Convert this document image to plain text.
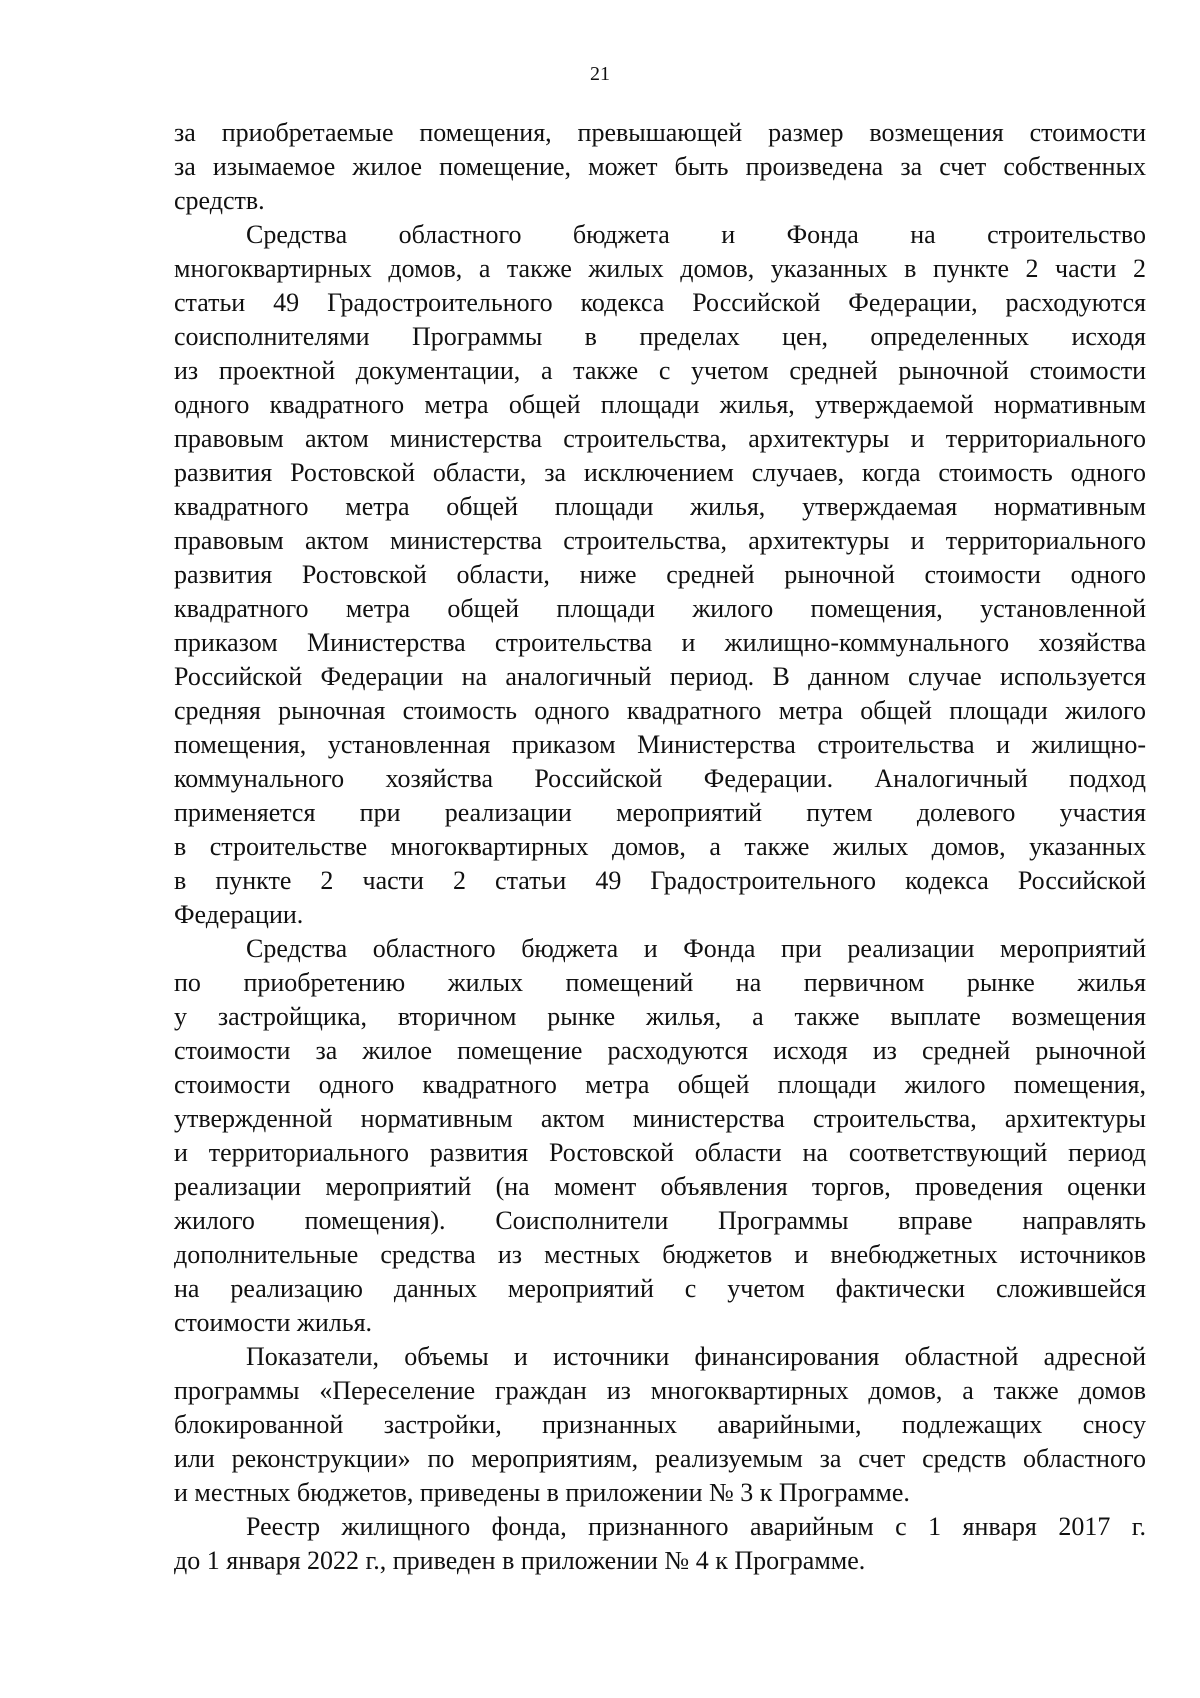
21
за приобретаемые помещения, превышающей размер возмещения стоимости
за изымаемое жилое помещение, может быть произведена за счет собственных
средств.
Средства областного бюджета и Фонда на строительство
многоквартирных домов, а также жилых домов, указанных в пункте 2 части 2
статьи 49 Градостроительного кодекса Российской Федерации, расходуются
соисполнителями Программы в пределах цен, определенных исходя
из проектной документации, а также с учетом средней рыночной стоимости
одного квадратного метра общей площади жилья, утверждаемой нормативным
правовым актом министерства строительства, архитектуры и территориального
развития Ростовской области, за исключением случаев, когда стоимость одного
квадратного метра общей площади жилья, утверждаемая нормативным
правовым актом министерства строительства, архитектуры и территориального
развития Ростовской области, ниже средней рыночной стоимости одного
квадратного метра общей площади жилого помещения, установленной
приказом Министерства строительства и жилищно-коммунального хозяйства
Российской Федерации на аналогичный период. В данном случае используется
средняя рыночная стоимость одного квадратного метра общей площади жилого
помещения, установленная приказом Министерства строительства и жилищно-
коммунального хозяйства Российской Федерации. Аналогичный подход
применяется при реализации мероприятий путем долевого участия
в строительстве многоквартирных домов, а также жилых домов, указанных
в пункте 2 части 2 статьи 49 Градостроительного кодекса Российской
Федерации.
Средства областного бюджета и Фонда при реализации мероприятий
по приобретению жилых помещений на первичном рынке жилья
у застройщика, вторичном рынке жилья, а также выплате возмещения
стоимости за жилое помещение расходуются исходя из средней рыночной
стоимости одного квадратного метра общей площади жилого помещения,
утвержденной нормативным актом министерства строительства, архитектуры
и территориального развития Ростовской области на соответствующий период
реализации мероприятий (на момент объявления торгов, проведения оценки
жилого помещения). Соисполнители Программы вправе направлять
дополнительные средства из местных бюджетов и внебюджетных источников
на реализацию данных мероприятий с учетом фактически сложившейся
стоимости жилья.
Показатели, объемы и источники финансирования областной адресной
программы «Переселение граждан из многоквартирных домов, а также домов
блокированной застройки, признанных аварийными, подлежащих сносу
или реконструкции» по мероприятиям, реализуемым за счет средств областного
и местных бюджетов, приведены в приложении № 3 к Программе.
Реестр жилищного фонда, признанного аварийным с 1 января 2017 г.
до 1 января 2022 г., приведен в приложении № 4 к Программе.
